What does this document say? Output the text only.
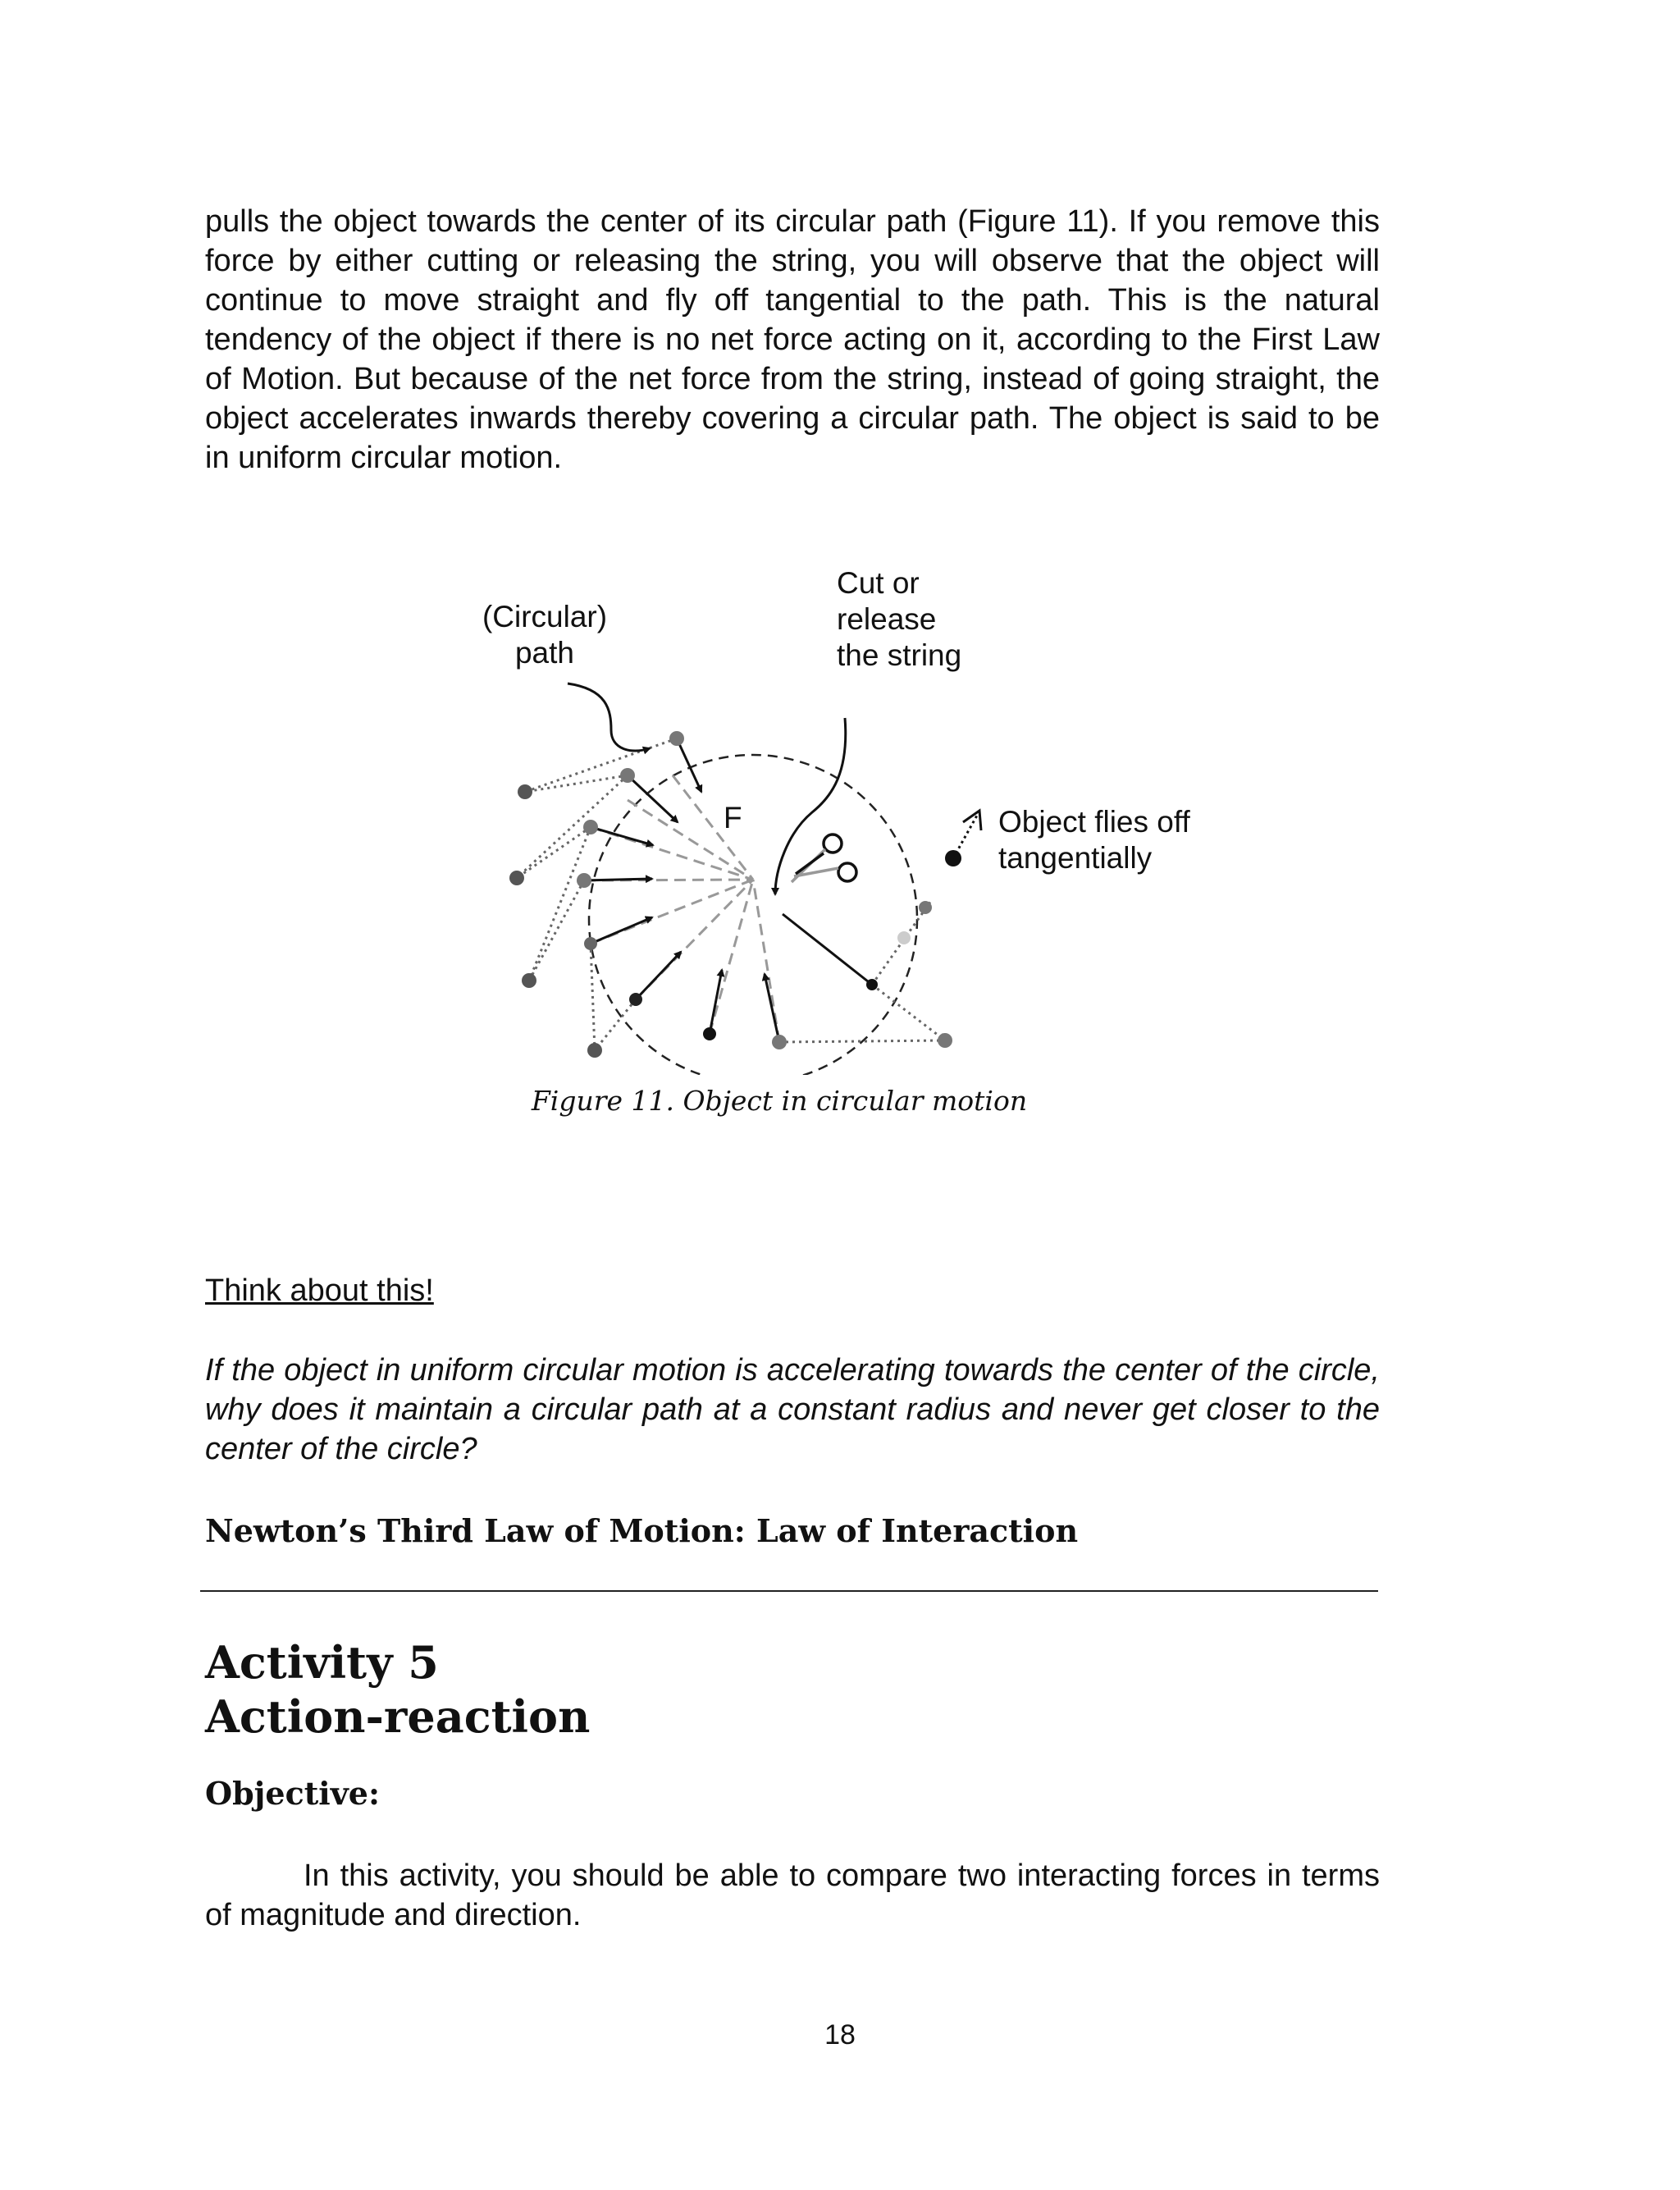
pulls the object towards the center of its circular path (Figure 11). If you remove this force by either cutting or releasing the string, you will observe that the object will continue to move straight and fly off tangential to the path. This is the natural tendency of the object if there is no net force acting on it, according to the First Law of Motion. But because of the net force from the string, instead of going straight, the object accelerates inwards thereby covering a circular path. The object is said to be in uniform circular motion.

(Circular)
path

Cut or
release
the string

F	Object flies off
tangentially

Figure 11. Object in circular motion

Think about this!

If the object in uniform circular motion is accelerating towards the center of the circle, why does it maintain a circular path at a constant radius and never get closer to the center of the circle?

Newton’s Third Law of Motion: Law of Interaction

Activity 5
Action-reaction

Objective:

In this activity, you should be able to compare two interacting forces in terms of magnitude and direction.

18
